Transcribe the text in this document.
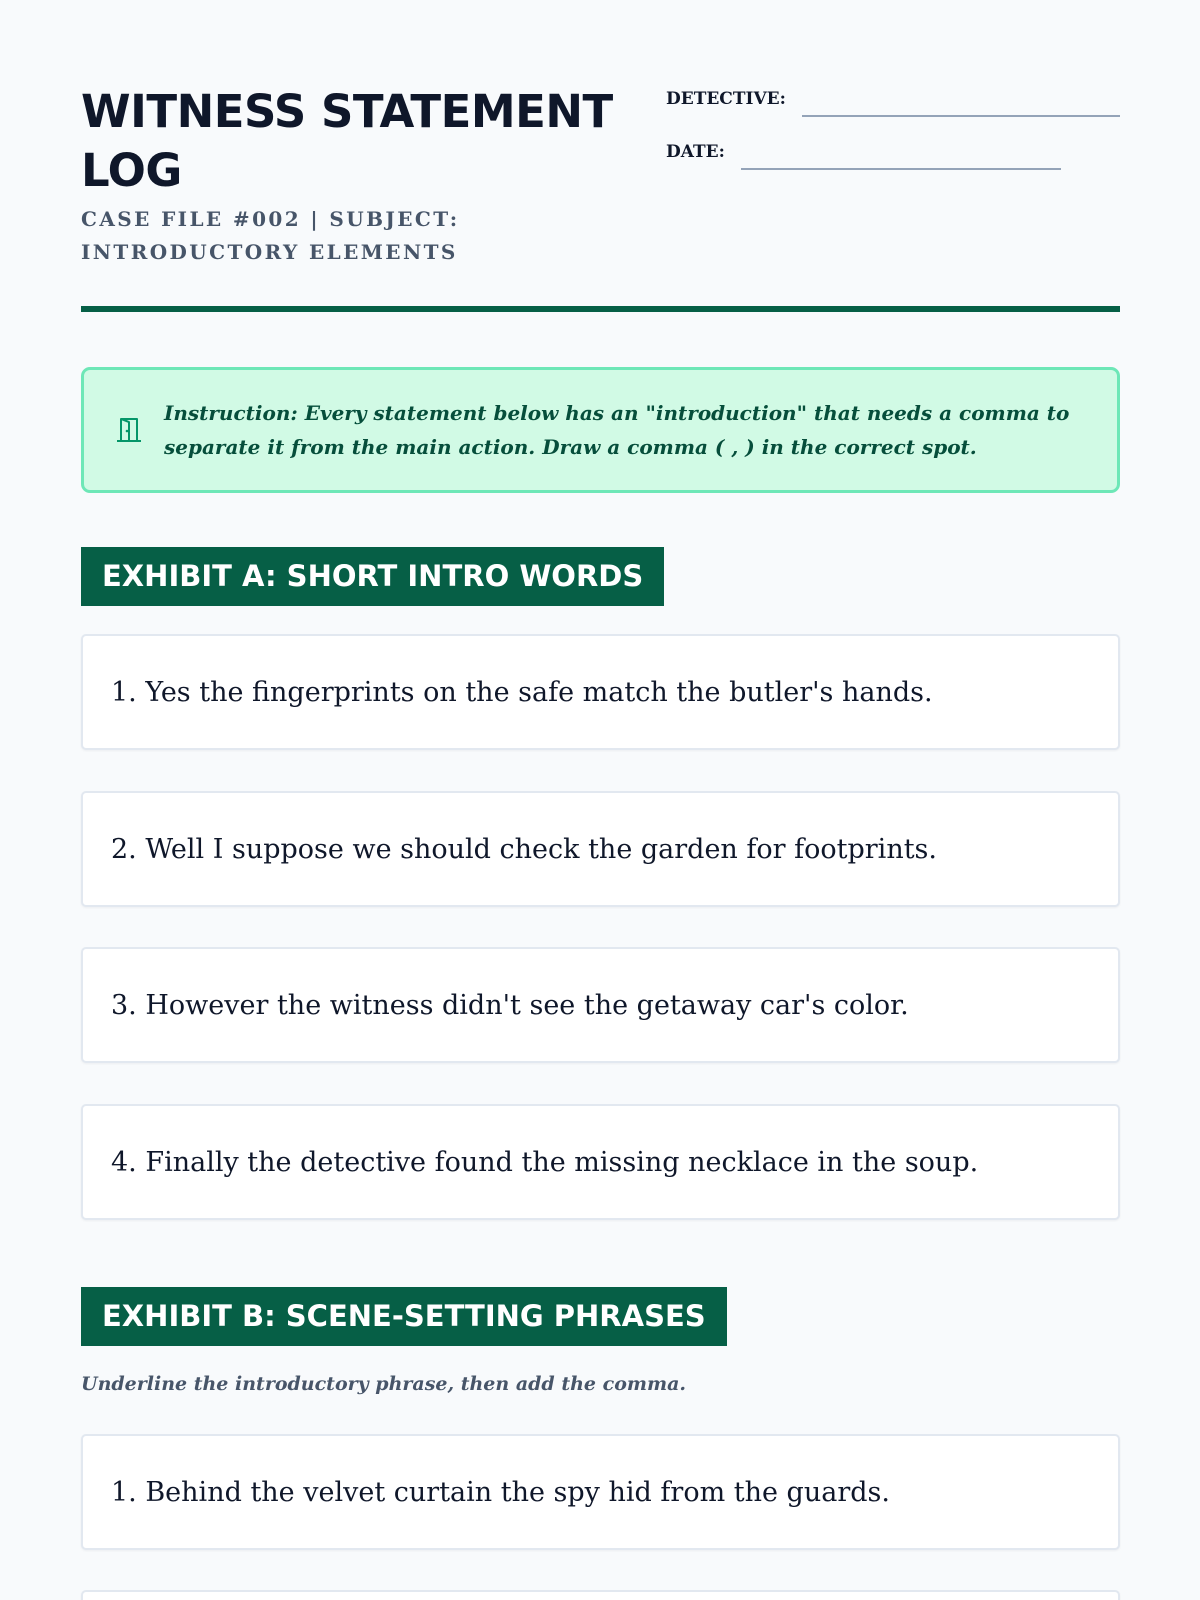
WITNESS STATEMENT LOG
CASE FILE #002 | SUBJECT: INTRODUCTORY ELEMENTS
DETECTIVE:
DATE:

Instruction: Every statement below has an "introduction" that needs a comma to separate it from the main action. Draw a comma ( , ) in the correct spot.

EXHIBIT A: SHORT INTRO WORDS
1. Yes the fingerprints on the safe match the butler's hands.
2. Well I suppose we should check the garden for footprints.
3. However the witness didn't see the getaway car's color.
4. Finally the detective found the missing necklace in the soup.
EXHIBIT B: SCENE-SETTING PHRASES

Underline the introductory phrase, then add the comma.

1. Behind the velvet curtain the spy hid from the guards.
